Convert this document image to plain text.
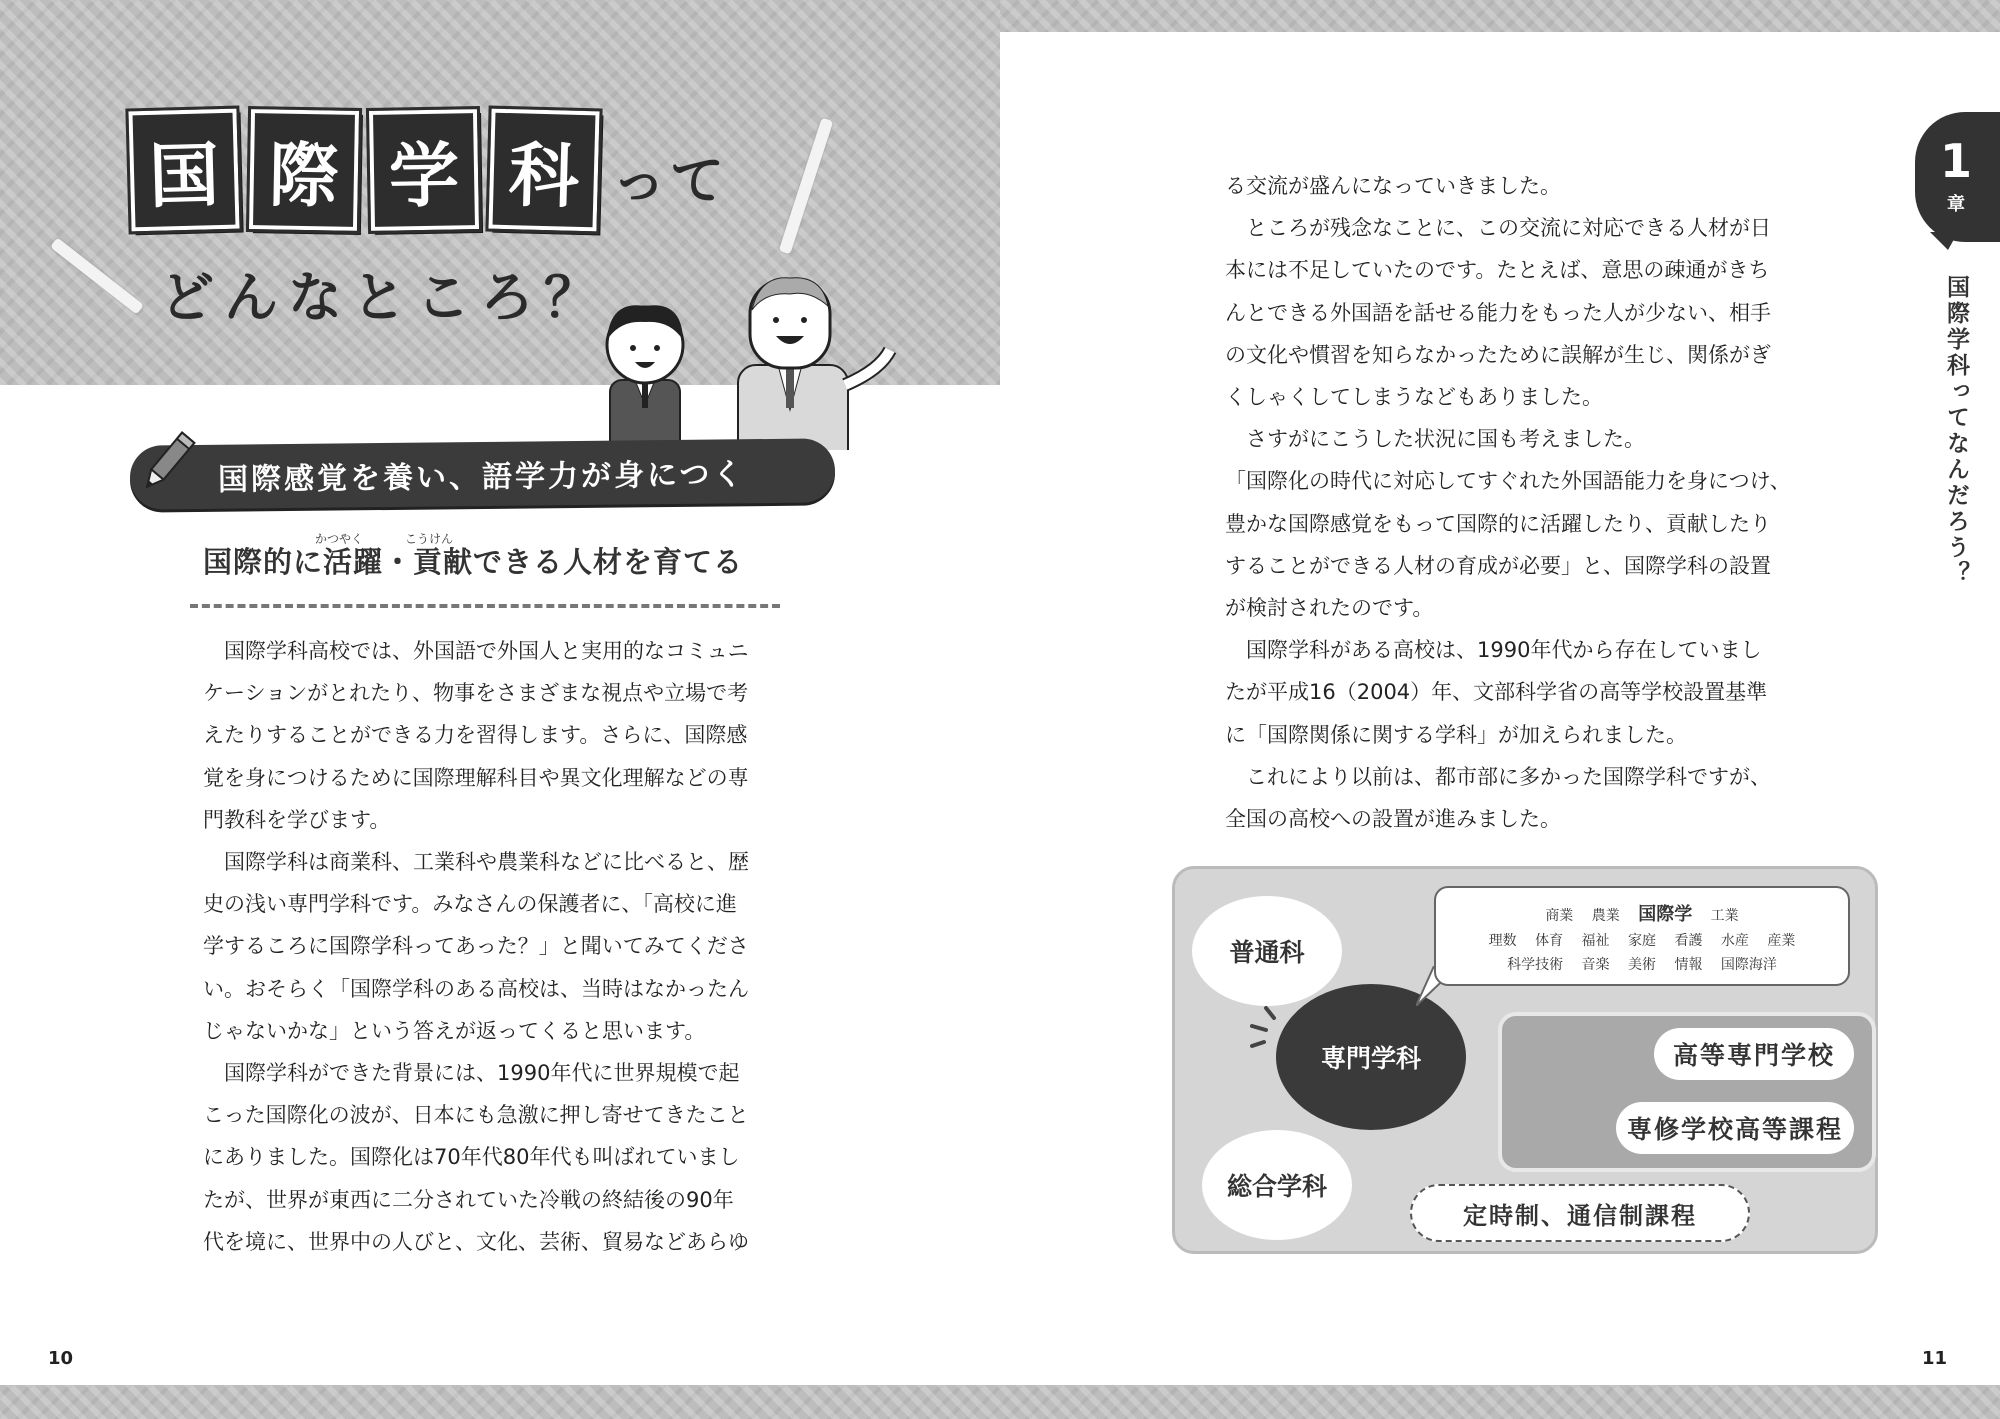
国 際 学 科 って
どんなところ？
国際感覚を養い、語学力が身につく
かつやく	こうけん
国際的に活躍・貢献できる人材を育てる

　国際学科高校では、外国語で外国人と実用的なコミュニ

ケーションがとれたり、物事をさまざまな視点や立場で考

えたりすることができる力を習得します。さらに、国際感

覚を身につけるために国際理解科目や異文化理解などの専

門教科を学びます。

　国際学科は商業科、工業科や農業科などに比べると、歴

史の浅い専門学科です。みなさんの保護者に、「高校に進

学するころに国際学科ってあった？」と聞いてみてくださ

い。おそらく「国際学科のある高校は、当時はなかったん

じゃないかな」という答えが返ってくると思います。

　国際学科ができた背景には、1990年代に世界規模で起

こった国際化の波が、日本にも急激に押し寄せてきたこと

にありました。国際化は70年代80年代も叫ばれていまし

たが、世界が東西に二分されていた冷戦の終結後の90年

代を境に、世界中の人びと、文化、芸術、貿易などあらゆ

る交流が盛んになっていきました。

　ところが残念なことに、この交流に対応できる人材が日

本には不足していたのです。たとえば、意思の疎通がきち

んとできる外国語を話せる能力をもった人が少ない、相手

の文化や慣習を知らなかったために誤解が生じ、関係がぎ

くしゃくしてしまうなどもありました。

　さすがにこうした状況に国も考えました。

「国際化の時代に対応してすぐれた外国語能力を身につけ、

豊かな国際感覚をもって国際的に活躍したり、貢献したり

することができる人材の育成が必要」と、国際学科の設置

が検討されたのです。

　国際学科がある高校は、1990年代から存在していまし

たが平成16（2004）年、文部科学省の高等学校設置基準

に「国際関係に関する学科」が加えられました。

　これにより以前は、都市部に多かった国際学科ですが、

全国の高校への設置が進みました。

1
章
国際学科ってなんだろう？
普通科
総合学科
専門学科
商業 農業 国際学 工業
理数 体育 福祉 家庭 看護 水産 産業
科学技術 音楽 美術 情報 国際海洋
高等専門学校
専修学校高等課程
定時制、通信制課程
10	11
